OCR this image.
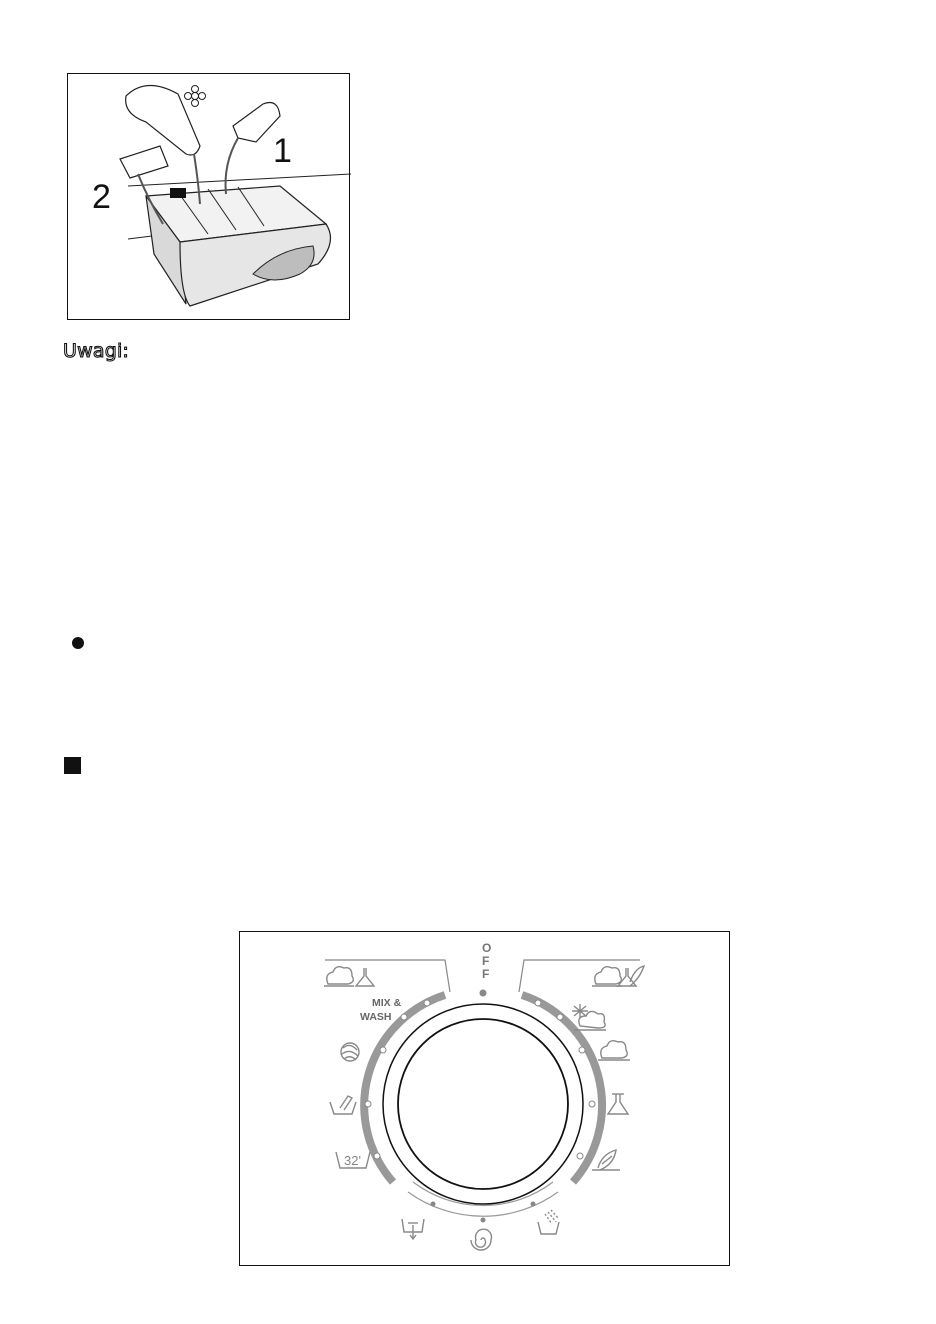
1
2
Uwagi:
O
F
F
MIX &
WASH
32'
